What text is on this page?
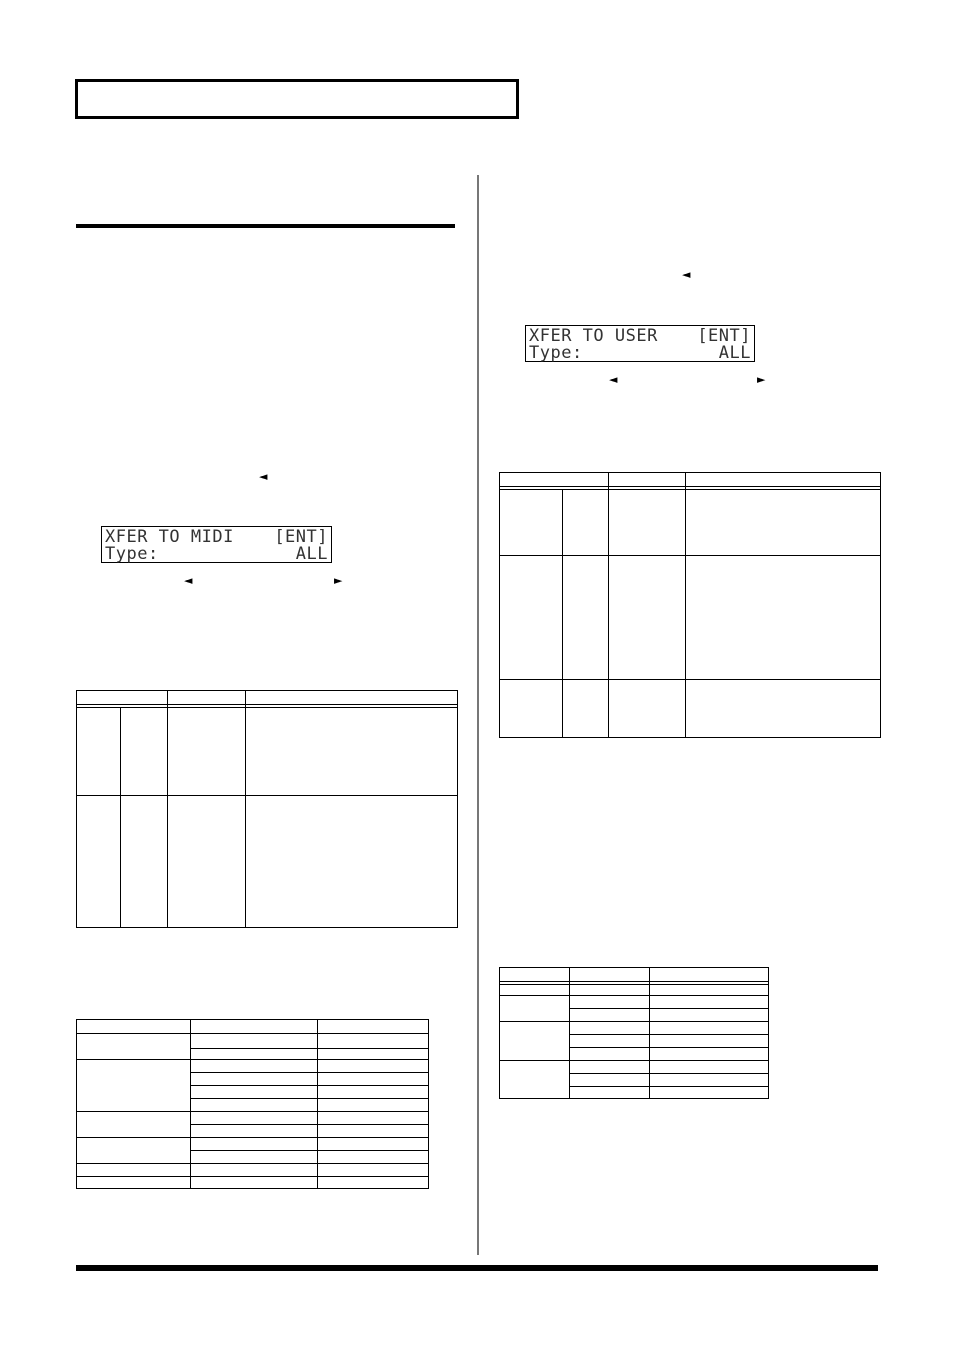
◄
XFER TO MIDI [ENT]
Type:	ALL
◄	►
◄
XFER TO USER [ENT]
Type:	ALL
◄	►
